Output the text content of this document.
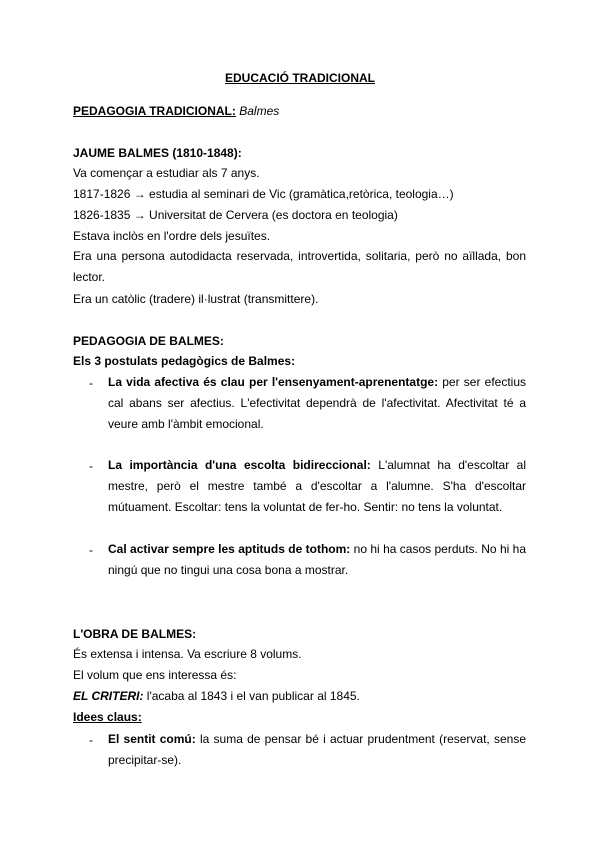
EDUCACIÓ TRADICIONAL
PEDAGOGIA TRADICIONAL: Balmes
JAUME BALMES (1810-1848):
Va començar a estudiar als 7 anys.
1817-1826 → estudia al seminari de Vic (gramàtica,retòrica, teologia…)
1826-1835 → Universitat de Cervera (es doctora en teologia)
Estava inclòs en l'ordre dels jesuïtes.
Era una persona autodidacta reservada, introvertida, solitaria, però no aïllada, bon lector.
Era un catòlic (tradere) il·lustrat (transmittere).
PEDAGOGIA DE BALMES:
Els 3 postulats pedagògics de Balmes:
- La vida afectiva és clau per l'ensenyament-aprenentatge: per ser efectius cal abans ser afectius. L'efectivitat dependrà de l'afectivitat. Afectivitat té a veure amb l'àmbit emocional.
- La importància d'una escolta bidireccional: L'alumnat ha d'escoltar al mestre, però el mestre també a d'escoltar a l'alumne. S'ha d'escoltar mútuament. Escoltar: tens la voluntat de fer-ho. Sentir: no tens la voluntat.
- Cal activar sempre les aptituds de tothom: no hi ha casos perduts. No hi ha ningú que no tingui una cosa bona a mostrar.
L'OBRA DE BALMES:
És extensa i intensa. Va escriure 8 volums.
El volum que ens interessa és:
EL CRITERI: l'acaba al 1843 i el van publicar al 1845.
Idees claus:
- El sentit comú: la suma de pensar bé i actuar prudentment (reservat, sense precipitar-se).
